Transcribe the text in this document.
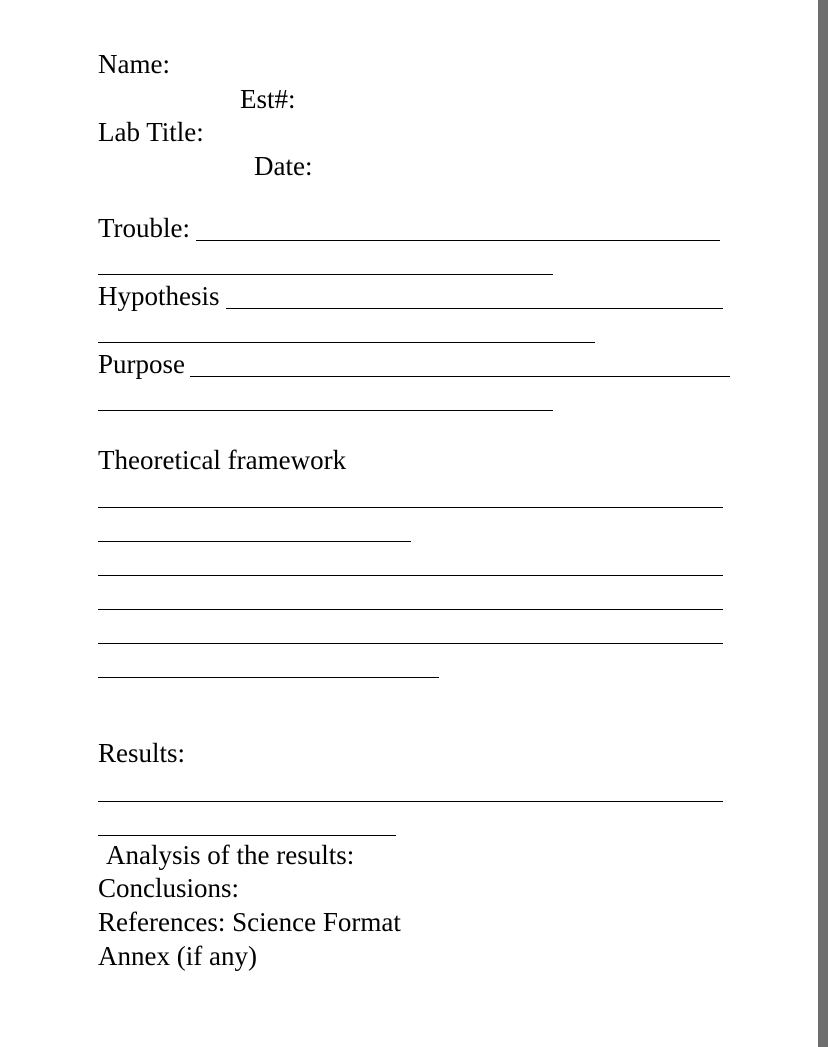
Name:
Est#:
Lab Title:
Date:
Trouble:
Hypothesis
Purpose
Theoretical framework
Results:
Analysis of the results:
Conclusions:
References: Science Format
Annex (if any)
